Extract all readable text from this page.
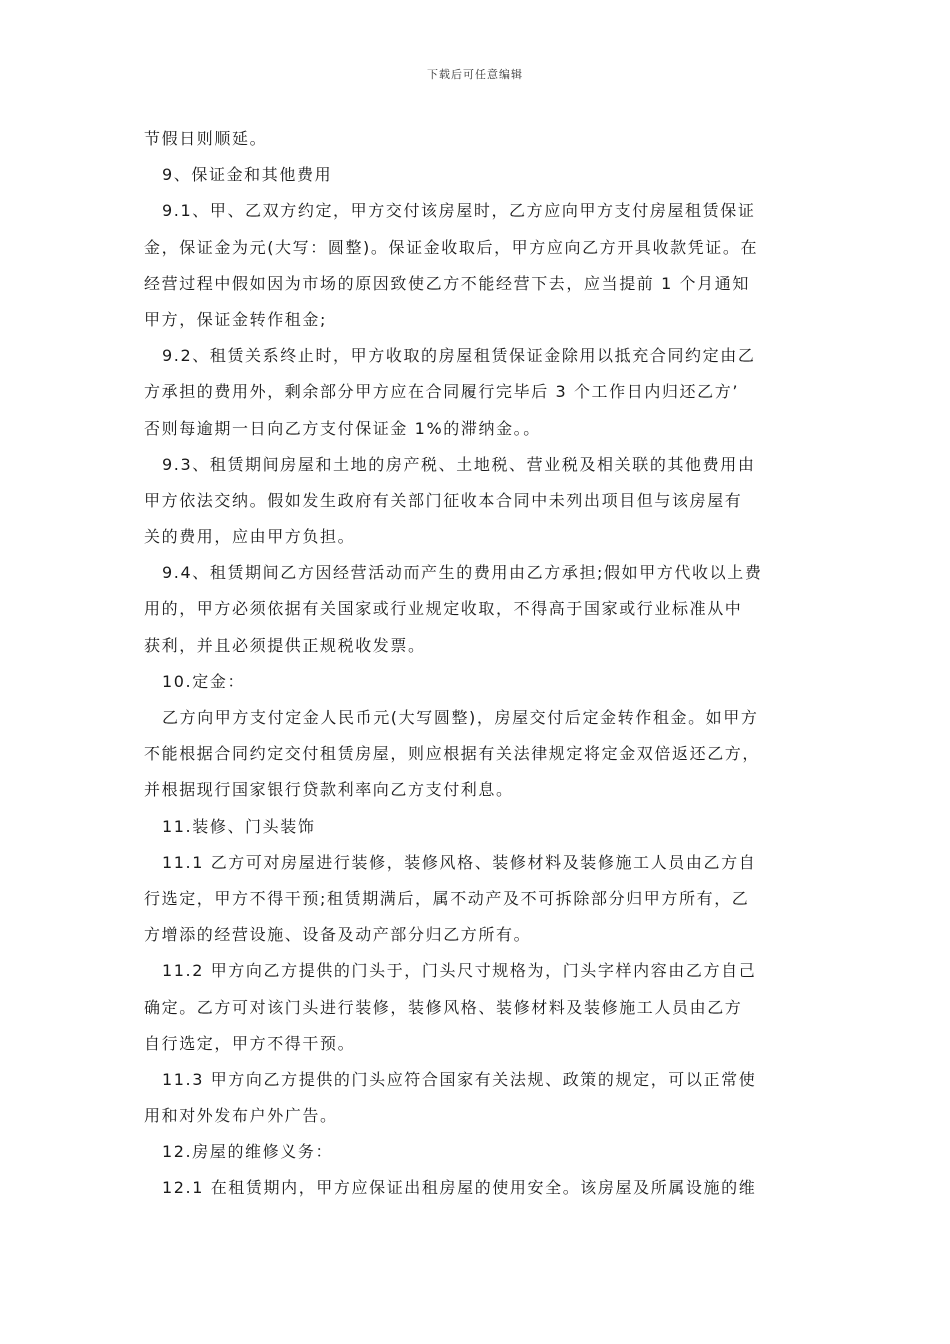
下载后可任意编辑
节假日则顺延。
9、保证金和其他费用
9.1、甲、乙双方约定，甲方交付该房屋时，乙方应向甲方支付房屋租赁保证
金，保证金为元(大写：圆整)。保证金收取后，甲方应向乙方开具收款凭证。在
经营过程中假如因为市场的原因致使乙方不能经营下去，应当提前 1 个月通知
甲方，保证金转作租金;
9.2、租赁关系终止时，甲方收取的房屋租赁保证金除用以抵充合同约定由乙
方承担的费用外，剩余部分甲方应在合同履行完毕后 3 个工作日内归还乙方’
否则每逾期一日向乙方支付保证金 1%的滞纳金。。
9.3、租赁期间房屋和土地的房产税、土地税、营业税及相关联的其他费用由
甲方依法交纳。假如发生政府有关部门征收本合同中未列出项目但与该房屋有
关的费用，应由甲方负担。
9.4、租赁期间乙方因经营活动而产生的费用由乙方承担;假如甲方代收以上费
用的，甲方必须依据有关国家或行业规定收取，不得高于国家或行业标准从中
获利，并且必须提供正规税收发票。
10.定金：
乙方向甲方支付定金人民币元(大写圆整)，房屋交付后定金转作租金。如甲方
不能根据合同约定交付租赁房屋，则应根据有关法律规定将定金双倍返还乙方，
并根据现行国家银行贷款利率向乙方支付利息。
11.装修、门头装饰
11.1 乙方可对房屋进行装修，装修风格、装修材料及装修施工人员由乙方自
行选定，甲方不得干预;租赁期满后，属不动产及不可拆除部分归甲方所有，乙
方增添的经营设施、设备及动产部分归乙方所有。
11.2 甲方向乙方提供的门头于，门头尺寸规格为，门头字样内容由乙方自己
确定。乙方可对该门头进行装修，装修风格、装修材料及装修施工人员由乙方
自行选定，甲方不得干预。
11.3 甲方向乙方提供的门头应符合国家有关法规、政策的规定，可以正常使
用和对外发布户外广告。
12.房屋的维修义务：
12.1 在租赁期内，甲方应保证出租房屋的使用安全。该房屋及所属设施的维
